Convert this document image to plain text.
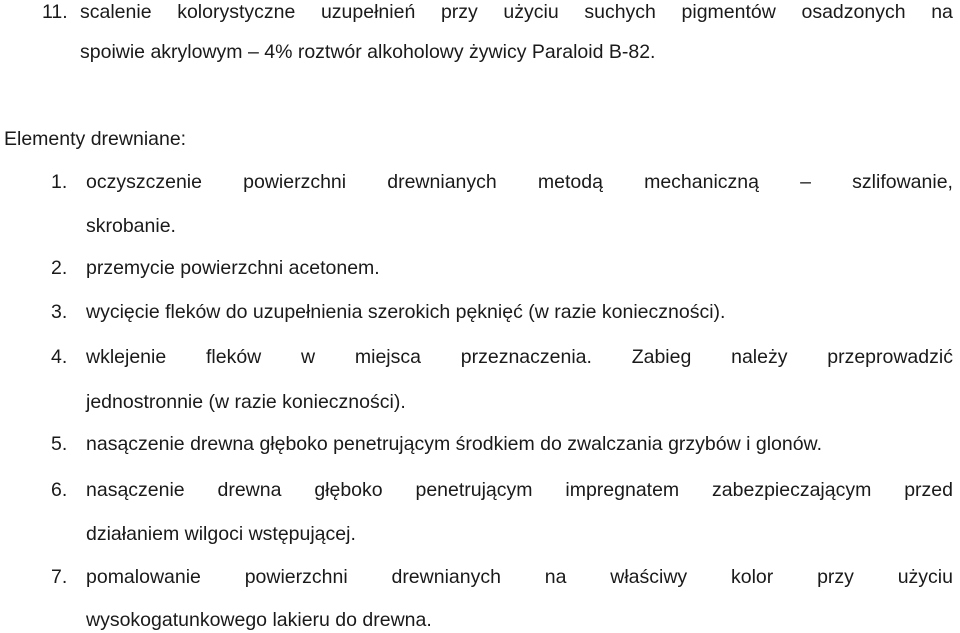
11. scalenie kolorystyczne uzupełnień przy użyciu suchych pigmentów osadzonych na
spoiwie akrylowym – 4% roztwór alkoholowy żywicy Paraloid B-82.
Elementy drewniane:
1. oczyszczenie powierzchni drewnianych metodą mechaniczną – szlifowanie,
skrobanie.
2. przemycie powierzchni acetonem.
3. wycięcie fleków do uzupełnienia szerokich pęknięć (w razie konieczności).
4. wklejenie fleków w miejsca przeznaczenia. Zabieg należy przeprowadzić
jednostronnie (w razie konieczności).
5. nasączenie drewna głęboko penetrującym środkiem do zwalczania grzybów i glonów.
6. nasączenie drewna głęboko penetrującym impregnatem zabezpieczającym przed
działaniem wilgoci wstępującej.
7. pomalowanie powierzchni drewnianych na właściwy kolor przy użyciu
wysokogatunkowego lakieru do drewna.
